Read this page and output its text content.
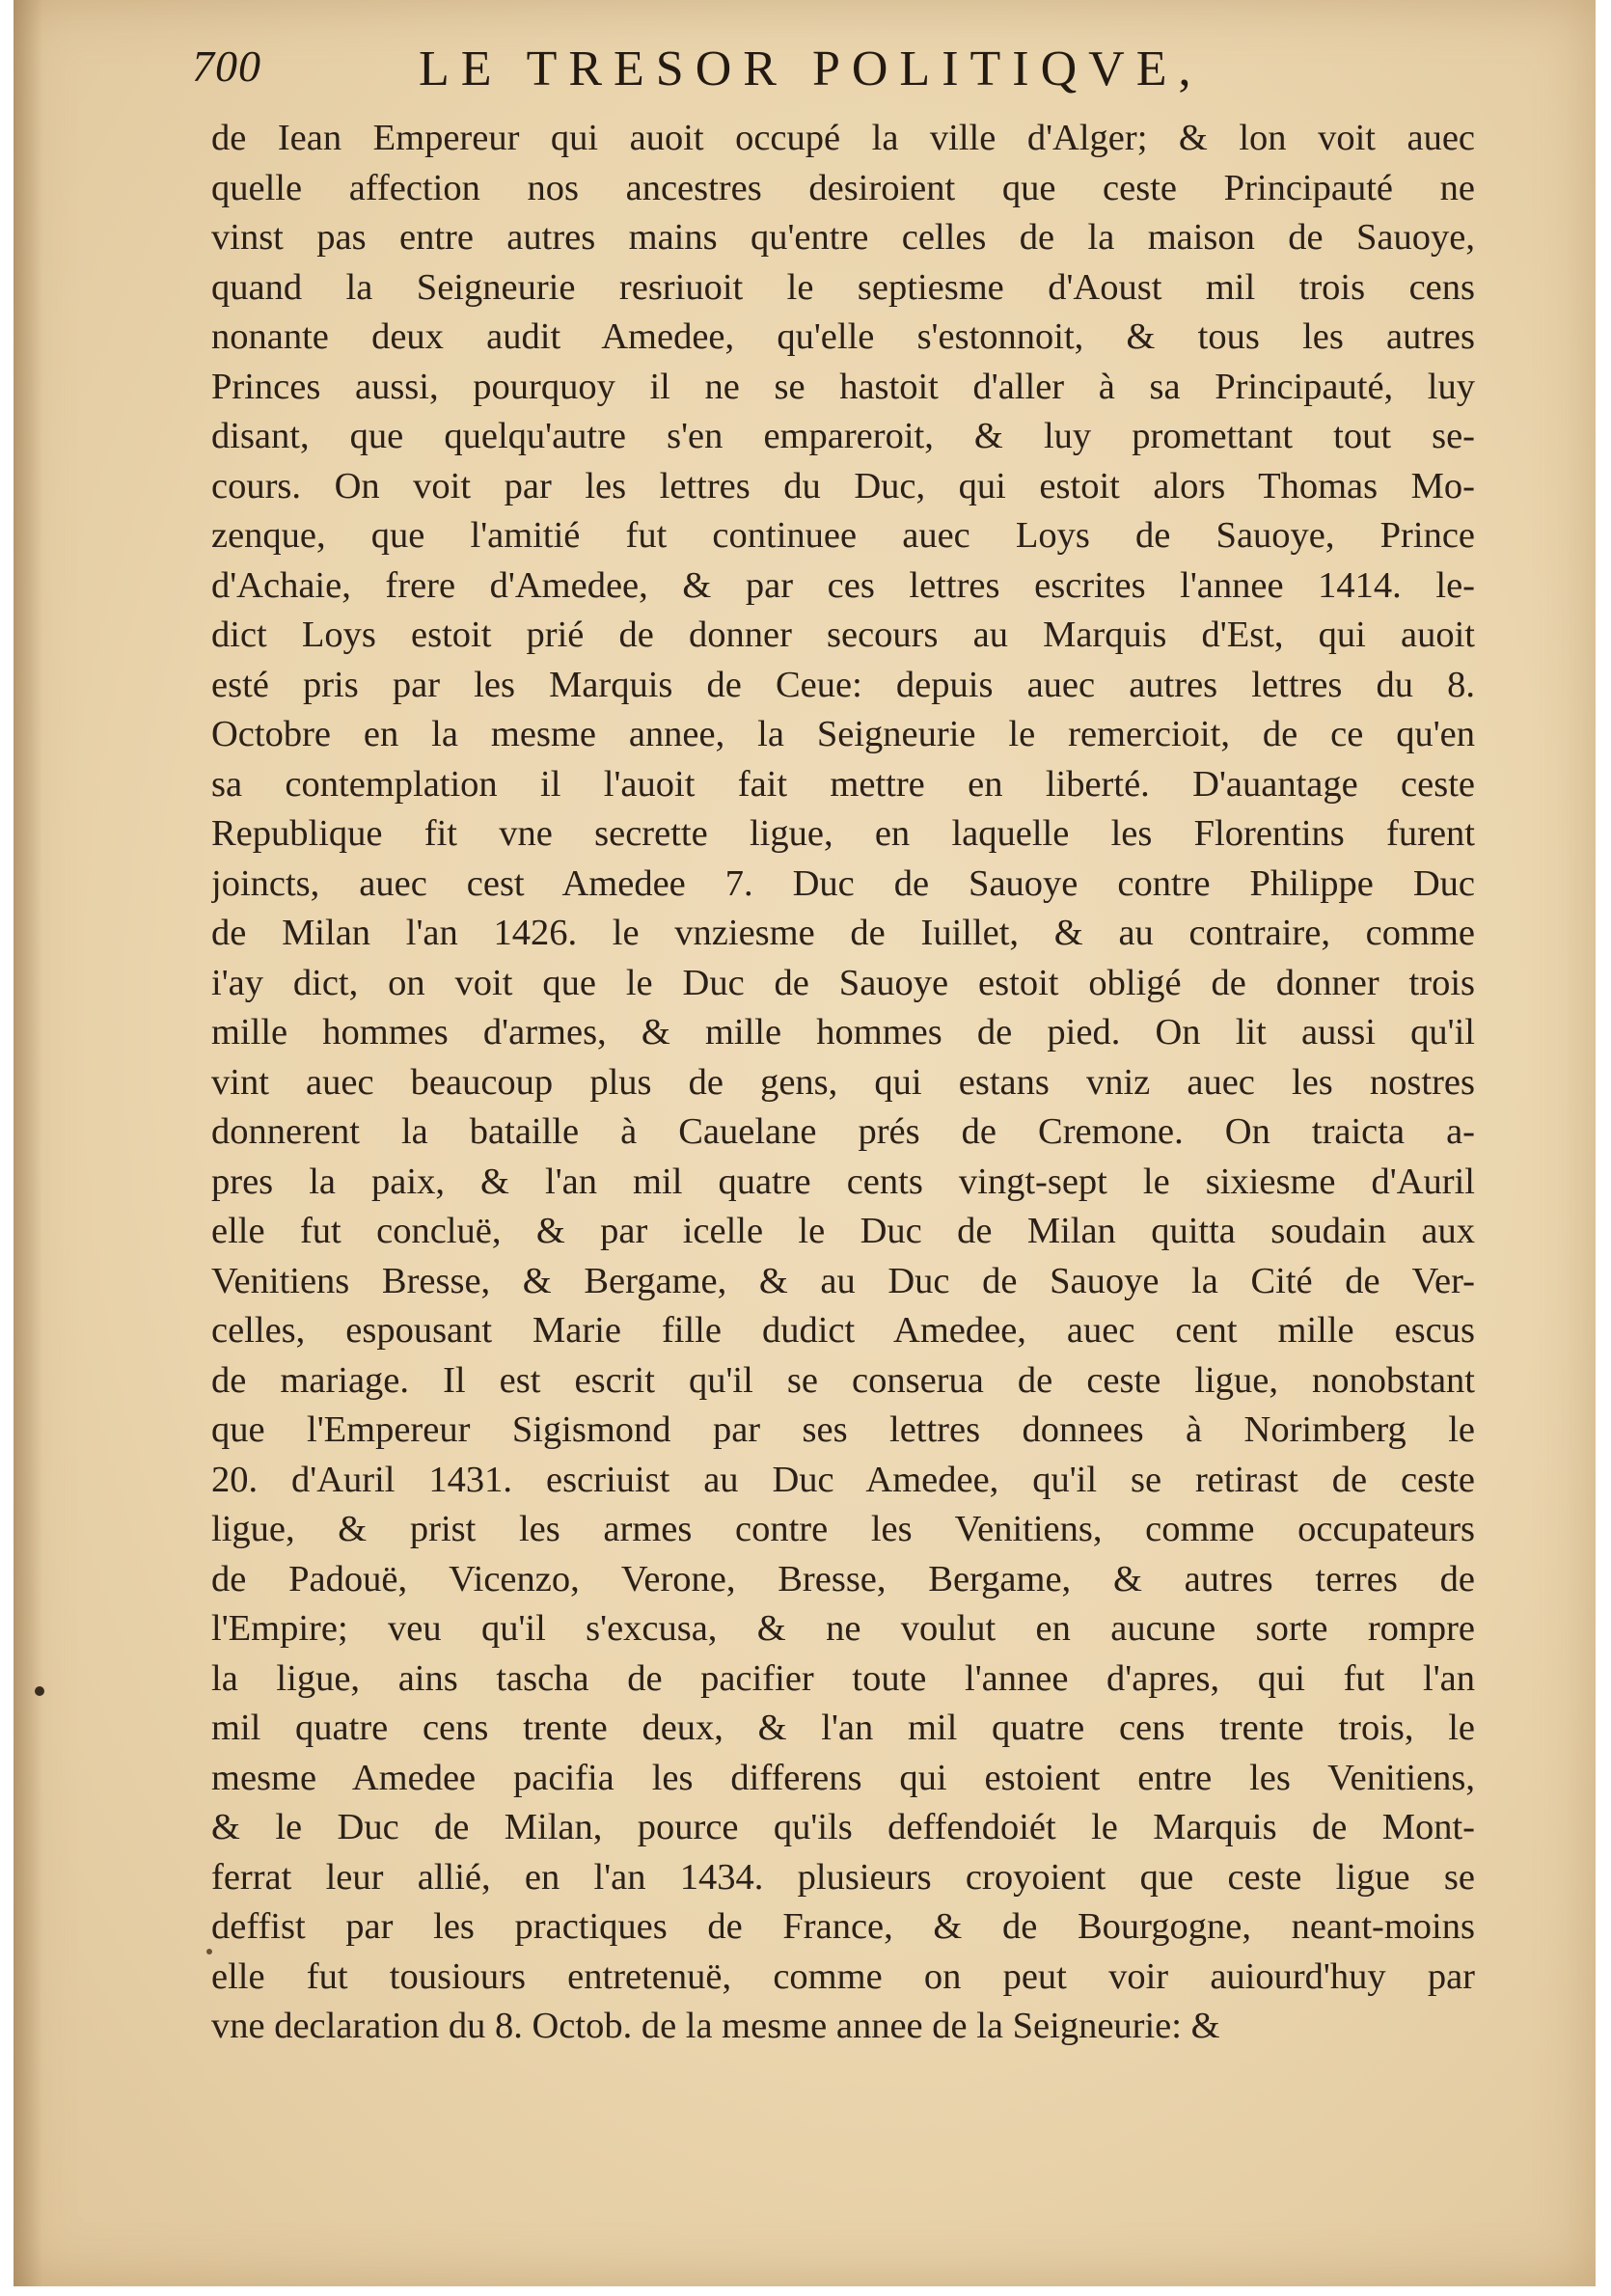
700	LE TRESOR POLITIQVE,
de Iean Empereur qui auoit occupé la ville d'Alger; & lon voit auec
quelle affection nos ancestres desiroient que ceste Principauté ne
vinst pas entre autres mains qu'entre celles de la maison de Sauoye,
quand la Seigneurie resriuoit le septiesme d'Aoust mil trois cens
nonante deux audit Amedee, qu'elle s'estonnoit, & tous les autres
Princes aussi, pourquoy il ne se hastoit d'aller à sa Principauté, luy
disant, que quelqu'autre s'en empareroit, & luy promettant tout se-
cours. On voit par les lettres du Duc, qui estoit alors Thomas Mo-
zenque, que l'amitié fut continuee auec Loys de Sauoye, Prince
d'Achaie, frere d'Amedee, & par ces lettres escrites l'annee 1414. le-
dict Loys estoit prié de donner secours au Marquis d'Est, qui auoit
esté pris par les Marquis de Ceue: depuis auec autres lettres du 8.
Octobre en la mesme annee, la Seigneurie le remercioit, de ce qu'en
sa contemplation il l'auoit fait mettre en liberté. D'auantage ceste
Republique fit vne secrette ligue, en laquelle les Florentins furent
joincts, auec cest Amedee 7. Duc de Sauoye contre Philippe Duc
de Milan l'an 1426. le vnziesme de Iuillet, & au contraire, comme
i'ay dict, on voit que le Duc de Sauoye estoit obligé de donner trois
mille hommes d'armes, & mille hommes de pied. On lit aussi qu'il
vint auec beaucoup plus de gens, qui estans vniz auec les nostres
donnerent la bataille à Cauelane prés de Cremone. On traicta a-
pres la paix, & l'an mil quatre cents vingt-sept le sixiesme d'Auril
elle fut concluë, & par icelle le Duc de Milan quitta soudain aux
Venitiens Bresse, & Bergame, & au Duc de Sauoye la Cité de Ver-
celles, espousant Marie fille dudict Amedee, auec cent mille escus
de mariage. Il est escrit qu'il se conserua de ceste ligue, nonobstant
que l'Empereur Sigismond par ses lettres donnees à Norimberg le
20. d'Auril 1431. escriuist au Duc Amedee, qu'il se retirast de ceste
ligue, & prist les armes contre les Venitiens, comme occupateurs
de Padouë, Vicenzo, Verone, Bresse, Bergame, & autres terres de
l'Empire; veu qu'il s'excusa, & ne voulut en aucune sorte rompre
la ligue, ains tascha de pacifier toute l'annee d'apres, qui fut l'an
mil quatre cens trente deux, & l'an mil quatre cens trente trois, le
mesme Amedee pacifia les differens qui estoient entre les Venitiens,
& le Duc de Milan, pource qu'ils deffendoiét le Marquis de Mont-
ferrat leur allié, en l'an 1434. plusieurs croyoient que ceste ligue se
deffist par les practiques de France, & de Bourgogne, neant-moins
elle fut tousiours entretenuë, comme on peut voir auiourd'huy par
vne declaration du 8. Octob. de la mesme annee de la Seigneurie: &
